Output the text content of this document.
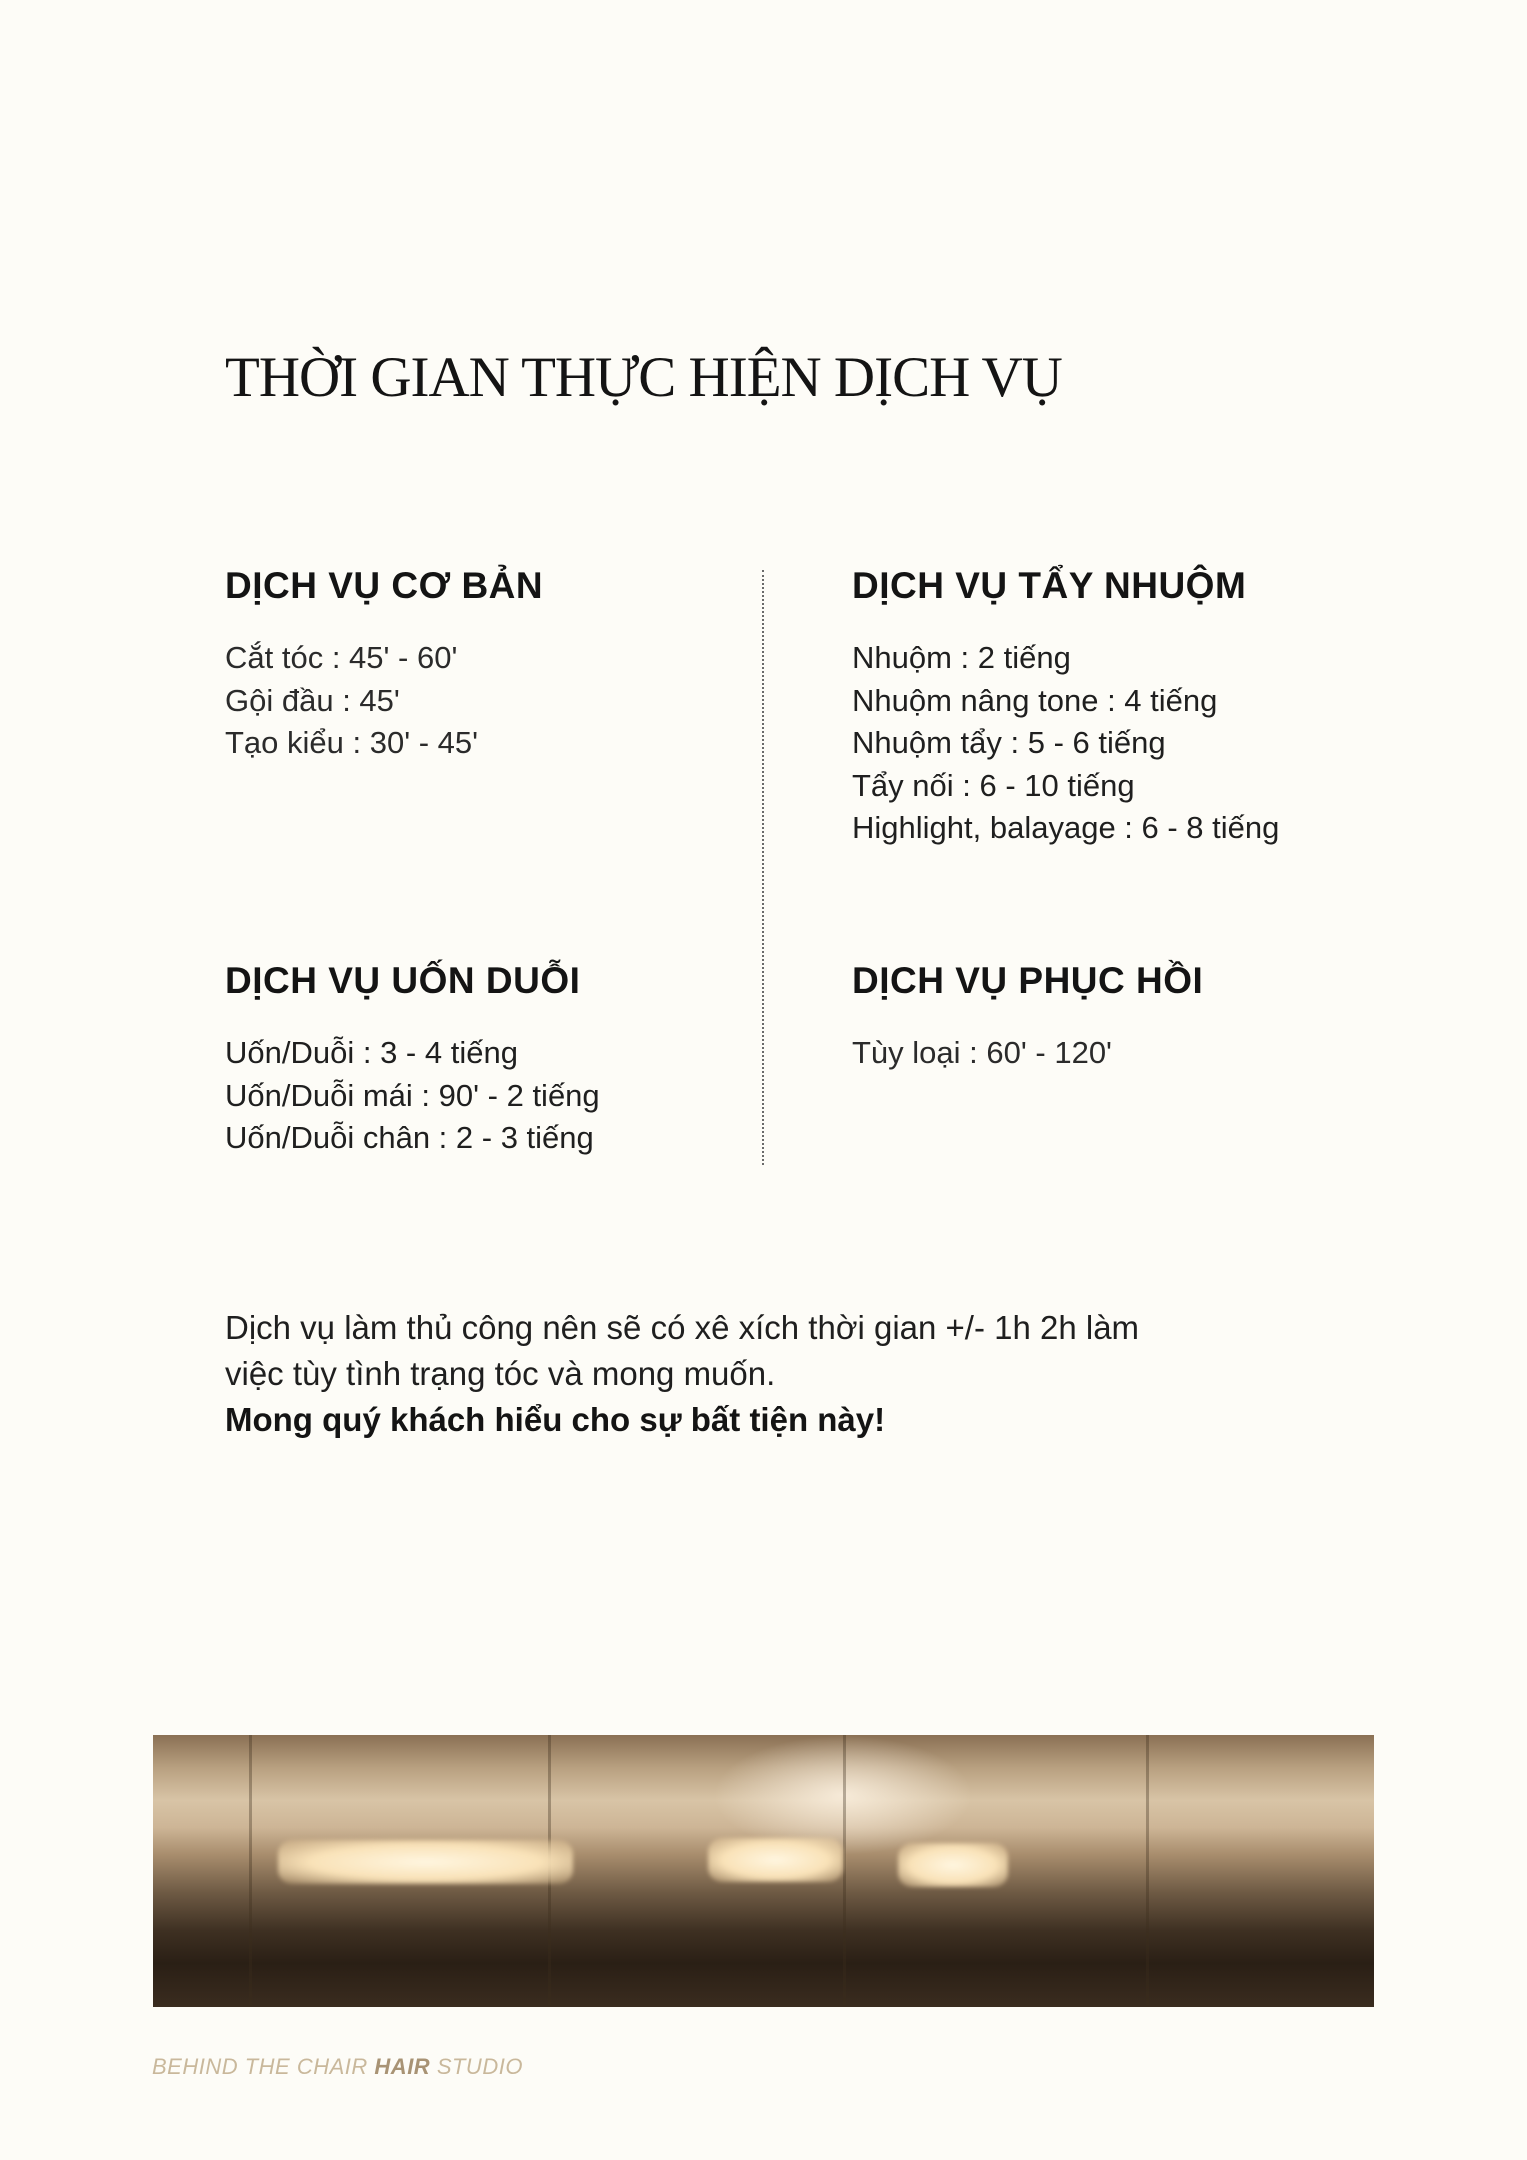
THỜI GIAN THỰC HIỆN DỊCH VỤ
DỊCH VỤ CƠ BẢN
Cắt tóc : 45' - 60'
Gội đầu : 45'
Tạo kiểu : 30' - 45'
DỊCH VỤ TẨY NHUỘM
Nhuộm : 2 tiếng
Nhuộm nâng tone : 4 tiếng
Nhuộm tẩy : 5 - 6 tiếng
Tẩy nối : 6 - 10 tiếng
Highlight, balayage : 6 - 8 tiếng
DỊCH VỤ UỐN DUỖI
Uốn/Duỗi : 3 - 4 tiếng
Uốn/Duỗi mái : 90' - 2 tiếng
Uốn/Duỗi chân : 2 - 3 tiếng
DỊCH VỤ PHỤC HỒI
Tùy loại : 60' - 120'

Dịch vụ làm thủ công nên sẽ có xê xích thời gian +/- 1h 2h làm
việc tùy tình trạng tóc và mong muốn.
Mong quý khách hiểu cho sự bất tiện này!

BEHIND THE CHAIR HAIR STUDIO
